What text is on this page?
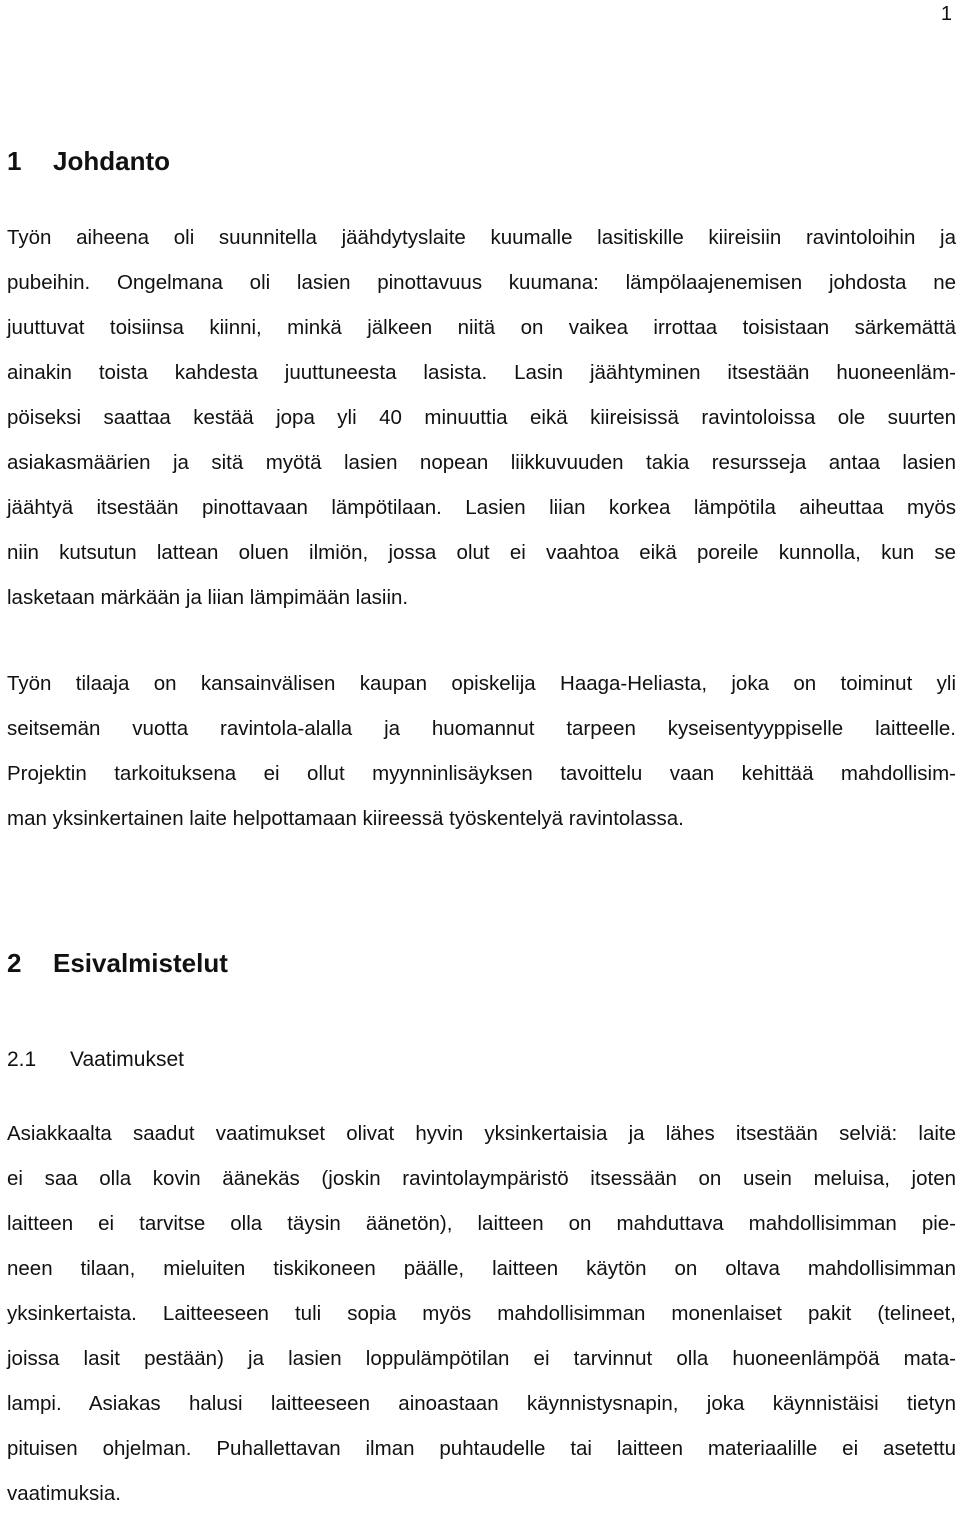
1
1 Johdanto
Työn aiheena oli suunnitella jäähdytyslaite kuumalle lasitiskille kiireisiin ravintoloihin ja
pubeihin. Ongelmana oli lasien pinottavuus kuumana: lämpölaajenemisen johdosta ne
juuttuvat toisiinsa kiinni, minkä jälkeen niitä on vaikea irrottaa toisistaan särkemättä
ainakin toista kahdesta juuttuneesta lasista. Lasin jäähtyminen itsestään huoneenläm-
pöiseksi saattaa kestää jopa yli 40 minuuttia eikä kiireisissä ravintoloissa ole suurten
asiakasmäärien ja sitä myötä lasien nopean liikkuvuuden takia resursseja antaa lasien
jäähtyä itsestään pinottavaan lämpötilaan. Lasien liian korkea lämpötila aiheuttaa myös
niin kutsutun lattean oluen ilmiön, jossa olut ei vaahtoa eikä poreile kunnolla, kun se
lasketaan märkään ja liian lämpimään lasiin.
Työn tilaaja on kansainvälisen kaupan opiskelija Haaga-Heliasta, joka on toiminut yli
seitsemän vuotta ravintola-alalla ja huomannut tarpeen kyseisentyyppiselle laitteelle.
Projektin tarkoituksena ei ollut myynninlisäyksen tavoittelu vaan kehittää mahdollisim-
man yksinkertainen laite helpottamaan kiireessä työskentelyä ravintolassa.
2 Esivalmistelut
2.1 Vaatimukset
Asiakkaalta saadut vaatimukset olivat hyvin yksinkertaisia ja lähes itsestään selviä: laite
ei saa olla kovin äänekäs (joskin ravintolaympäristö itsessään on usein meluisa, joten
laitteen ei tarvitse olla täysin äänetön), laitteen on mahduttava mahdollisimman pie-
neen tilaan, mieluiten tiskikoneen päälle, laitteen käytön on oltava mahdollisimman
yksinkertaista. Laitteeseen tuli sopia myös mahdollisimman monenlaiset pakit (telineet,
joissa lasit pestään) ja lasien loppulämpötilan ei tarvinnut olla huoneenlämpöä mata-
lampi. Asiakas halusi laitteeseen ainoastaan käynnistysnapin, joka käynnistäisi tietyn
pituisen ohjelman. Puhallettavan ilman puhtaudelle tai laitteen materiaalille ei asetettu
vaatimuksia.
